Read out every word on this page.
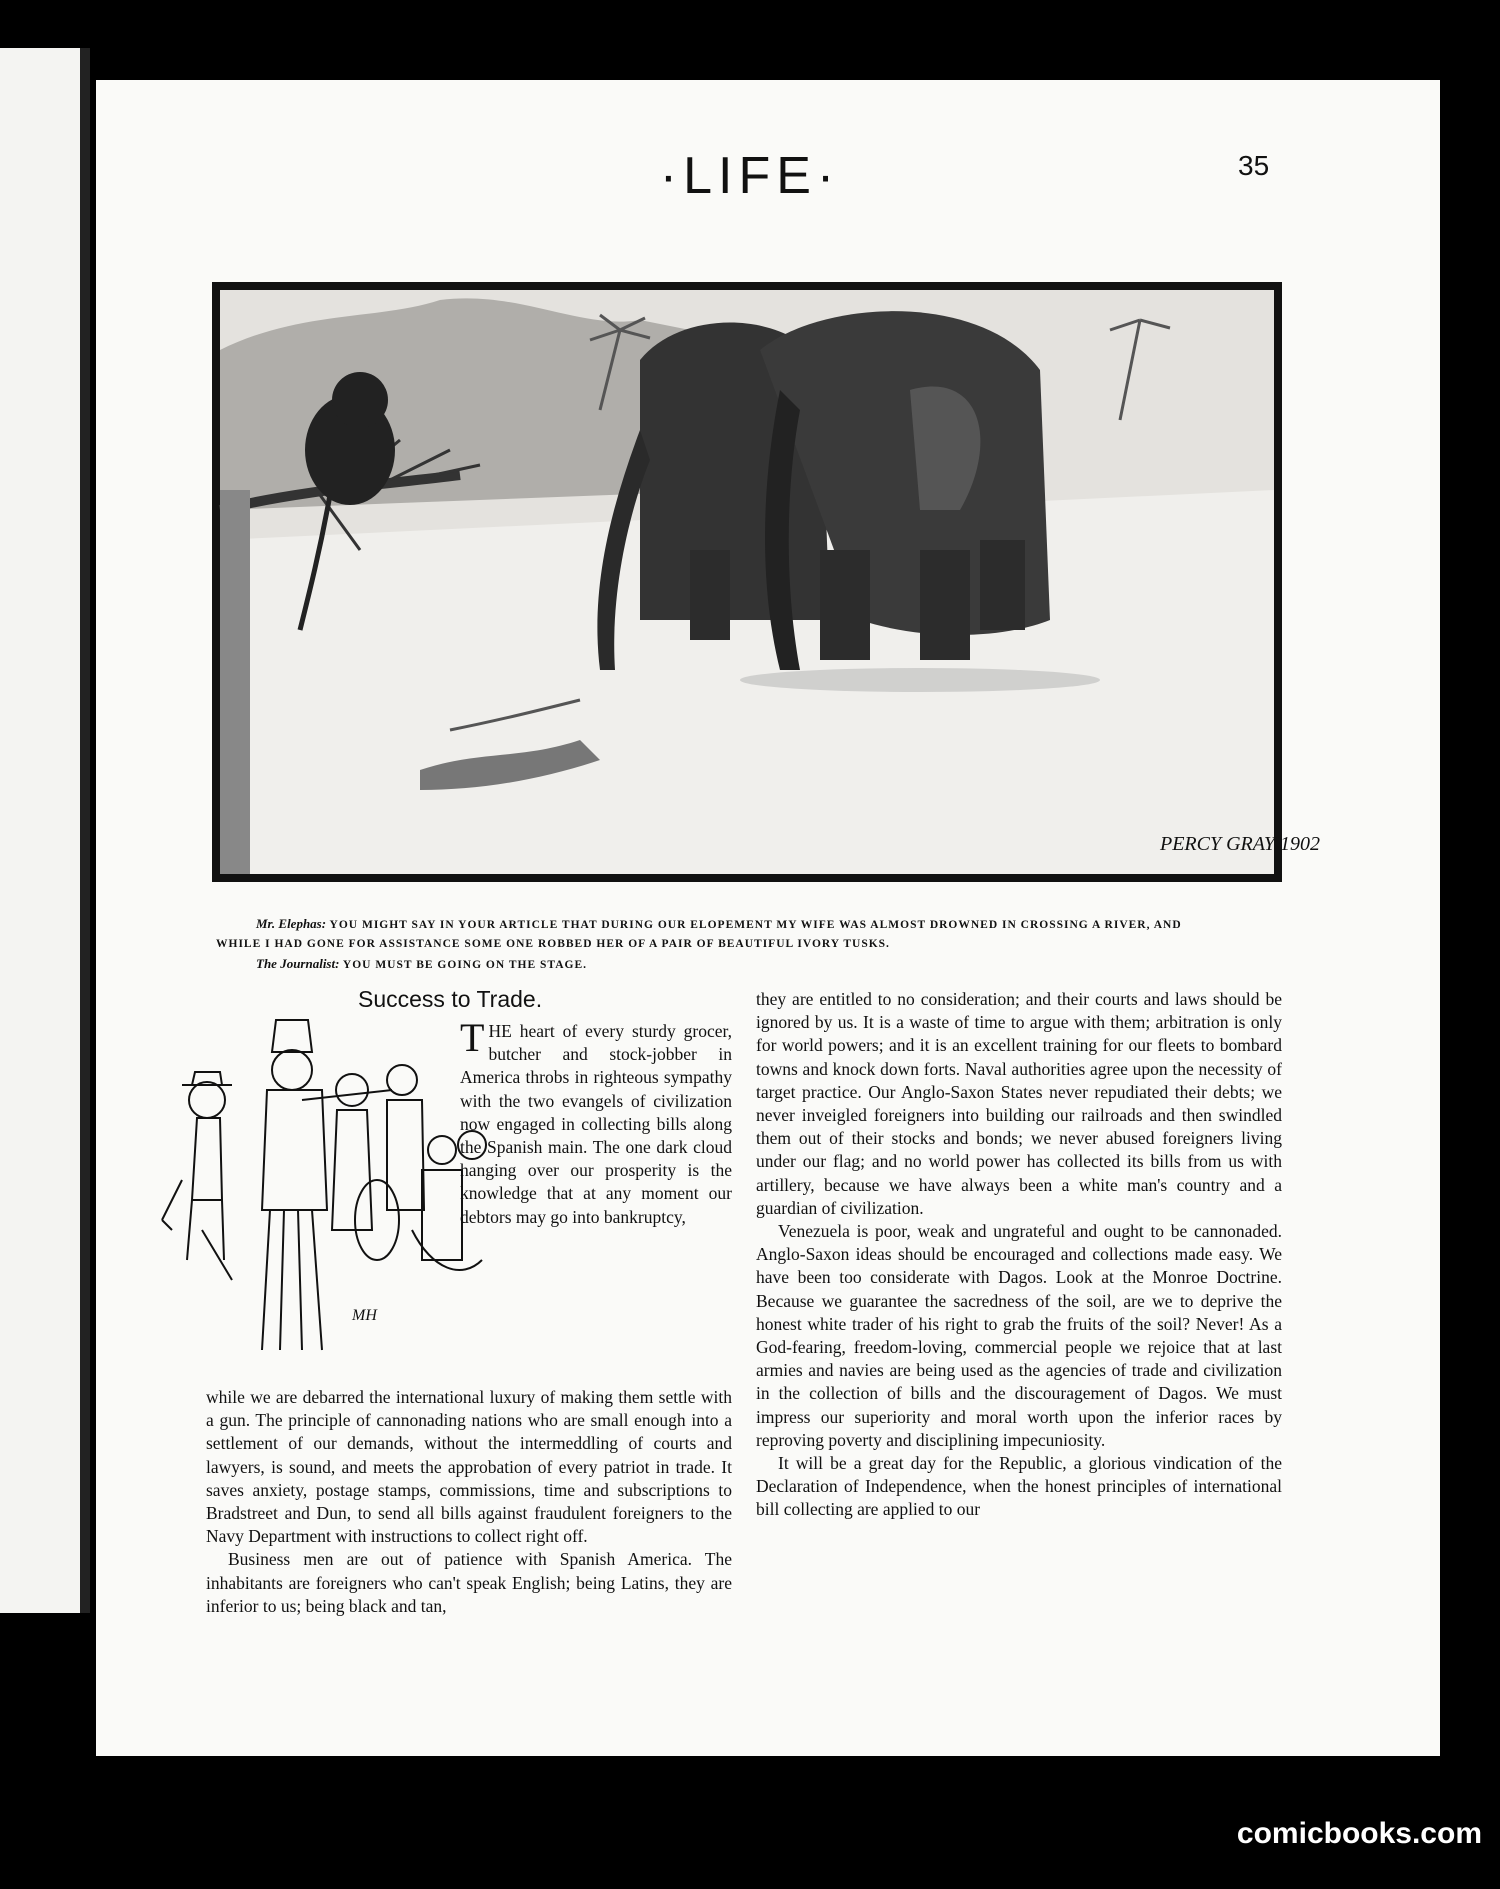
·LIFE·	35
PERCY GRAY 1902
Mr. Elephas: YOU MIGHT SAY IN YOUR ARTICLE THAT DURING OUR ELOPEMENT MY WIFE WAS ALMOST DROWNED IN CROSSING A RIVER, AND
WHILE I HAD GONE FOR ASSISTANCE SOME ONE ROBBED HER OF A PAIR OF BEAUTIFUL IVORY TUSKS.
The Journalist: YOU MUST BE GOING ON THE STAGE.
Success to Trade.
MH

THE heart of every sturdy grocer, butcher and stock-jobber in America throbs in righteous sympathy with the two evangels of civilization now engaged in collecting bills along the Spanish main. The one dark cloud hanging over our prosperity is the knowledge that at any moment our debtors may go into bankruptcy,

while we are debarred the international luxury of making them settle with a gun. The principle of cannonading nations who are small enough into a settlement of our demands, without the intermeddling of courts and lawyers, is sound, and meets the approbation of every patriot in trade. It saves anxiety, postage stamps, commissions, time and subscriptions to Bradstreet and Dun, to send all bills against fraudulent foreigners to the Navy Department with instructions to collect right off.

Business men are out of patience with Spanish America. The inhabitants are foreigners who can't speak English; being Latins, they are inferior to us; being black and tan,

they are entitled to no consideration; and their courts and laws should be ignored by us. It is a waste of time to argue with them; arbitration is only for world powers; and it is an excellent training for our fleets to bombard towns and knock down forts. Naval authorities agree upon the necessity of target practice. Our Anglo-Saxon States never repudiated their debts; we never inveigled foreigners into building our railroads and then swindled them out of their stocks and bonds; we never abused foreigners living under our flag; and no world power has collected its bills from us with artillery, because we have always been a white man's country and a guardian of civilization.

Venezuela is poor, weak and ungrateful and ought to be cannonaded. Anglo-Saxon ideas should be encouraged and collections made easy. We have been too considerate with Dagos. Look at the Monroe Doctrine. Because we guarantee the sacredness of the soil, are we to deprive the honest white trader of his right to grab the fruits of the soil? Never! As a God-fearing, freedom-loving, commercial people we rejoice that at last armies and navies are being used as the agencies of trade and civilization in the collection of bills and the discouragement of Dagos. We must impress our superiority and moral worth upon the inferior races by reproving poverty and disciplining impecuniosity.

It will be a great day for the Republic, a glorious vindication of the Declaration of Independence, when the honest principles of international bill collecting are applied to our

comicbooks.com
